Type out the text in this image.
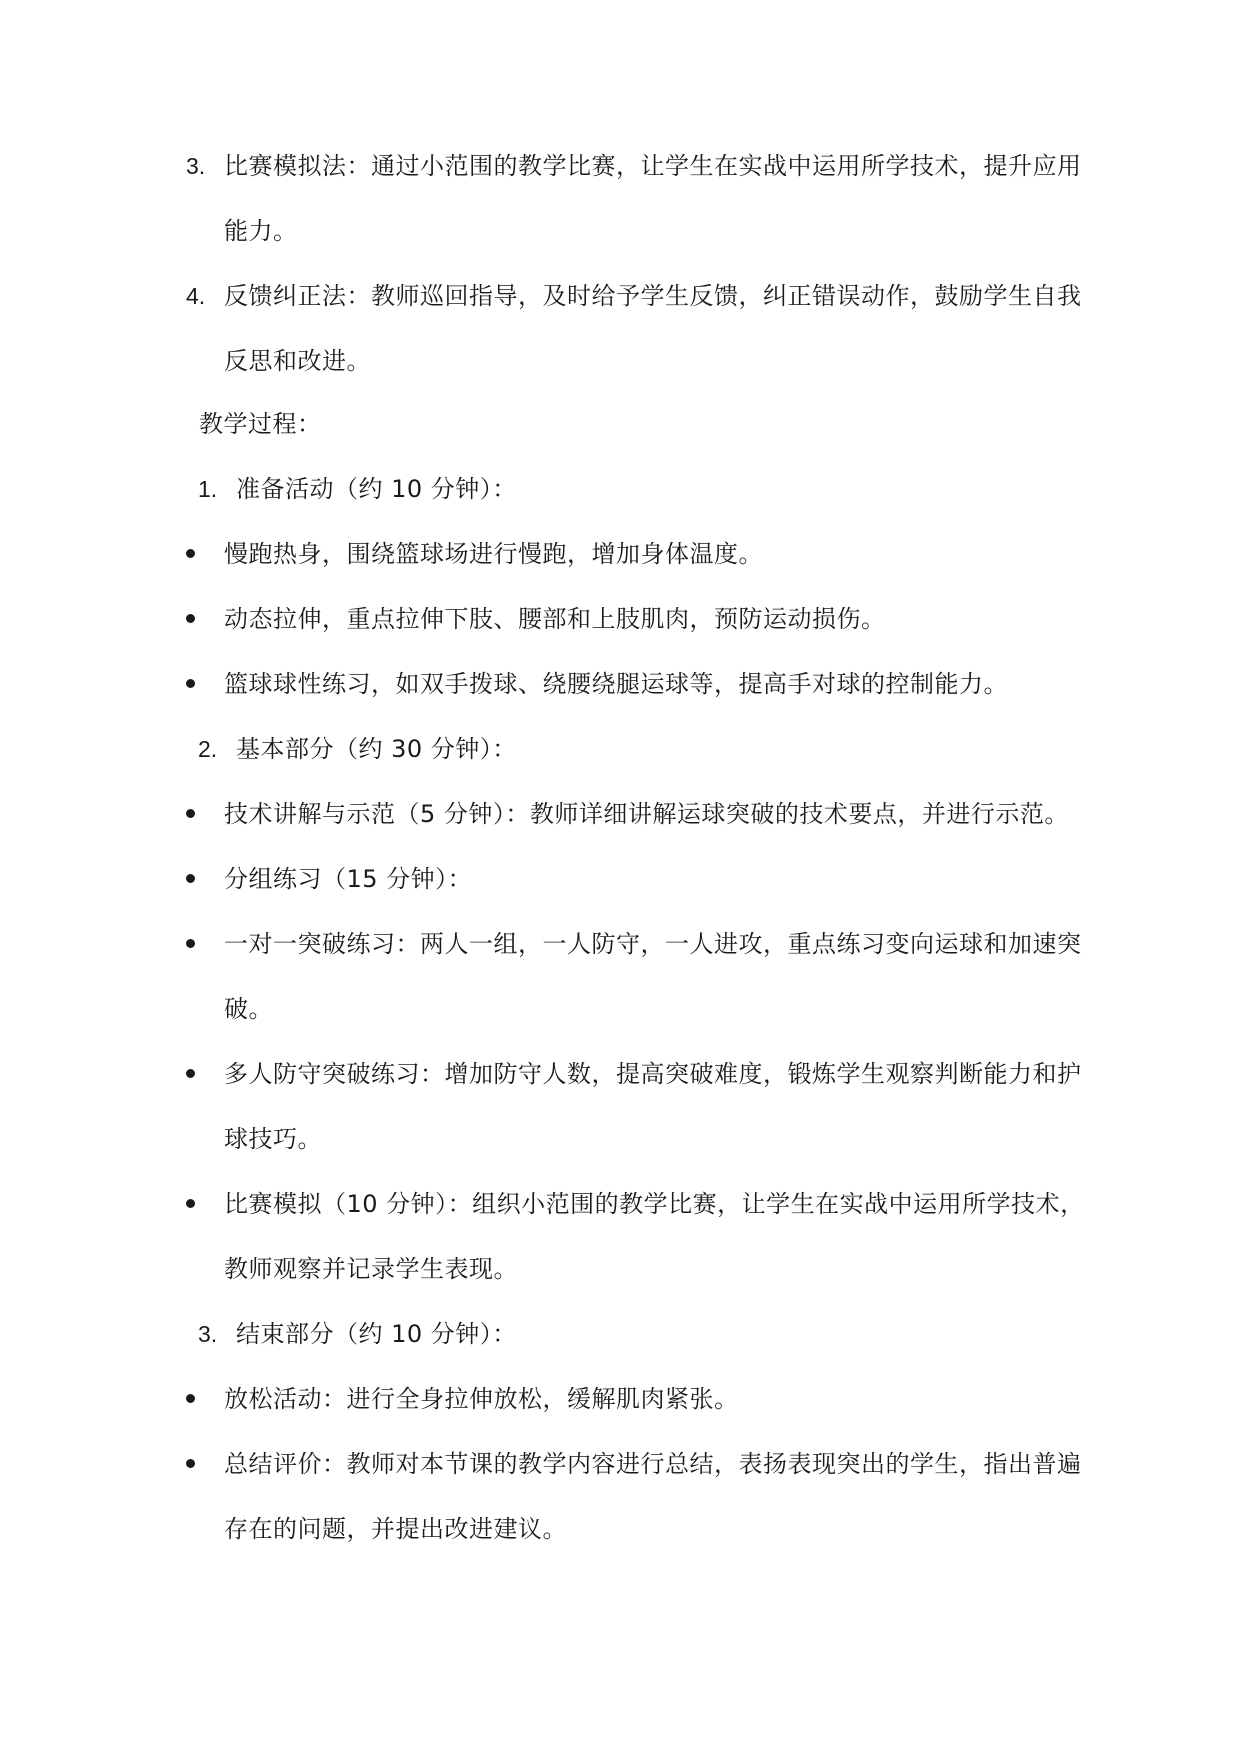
3. 比赛模拟法：通过小范围的教学比赛，让学生在实战中运用所学技术，提升应用
能力。
4. 反馈纠正法：教师巡回指导，及时给予学生反馈，纠正错误动作，鼓励学生自我
反思和改进。
教学过程：
1. 准备活动（约 10 分钟）：
慢跑热身，围绕篮球场进行慢跑，增加身体温度。
动态拉伸，重点拉伸下肢、腰部和上肢肌肉，预防运动损伤。
篮球球性练习，如双手拨球、绕腰绕腿运球等，提高手对球的控制能力。
2. 基本部分（约 30 分钟）：
技术讲解与示范（5 分钟）：教师详细讲解运球突破的技术要点，并进行示范。
分组练习（15 分钟）：
一对一突破练习：两人一组，一人防守，一人进攻，重点练习变向运球和加速突
破。
多人防守突破练习：增加防守人数，提高突破难度，锻炼学生观察判断能力和护
球技巧。
比赛模拟（10 分钟）：组织小范围的教学比赛，让学生在实战中运用所学技术，
教师观察并记录学生表现。
3. 结束部分（约 10 分钟）：
放松活动：进行全身拉伸放松，缓解肌肉紧张。
总结评价：教师对本节课的教学内容进行总结，表扬表现突出的学生，指出普遍
存在的问题，并提出改进建议。
